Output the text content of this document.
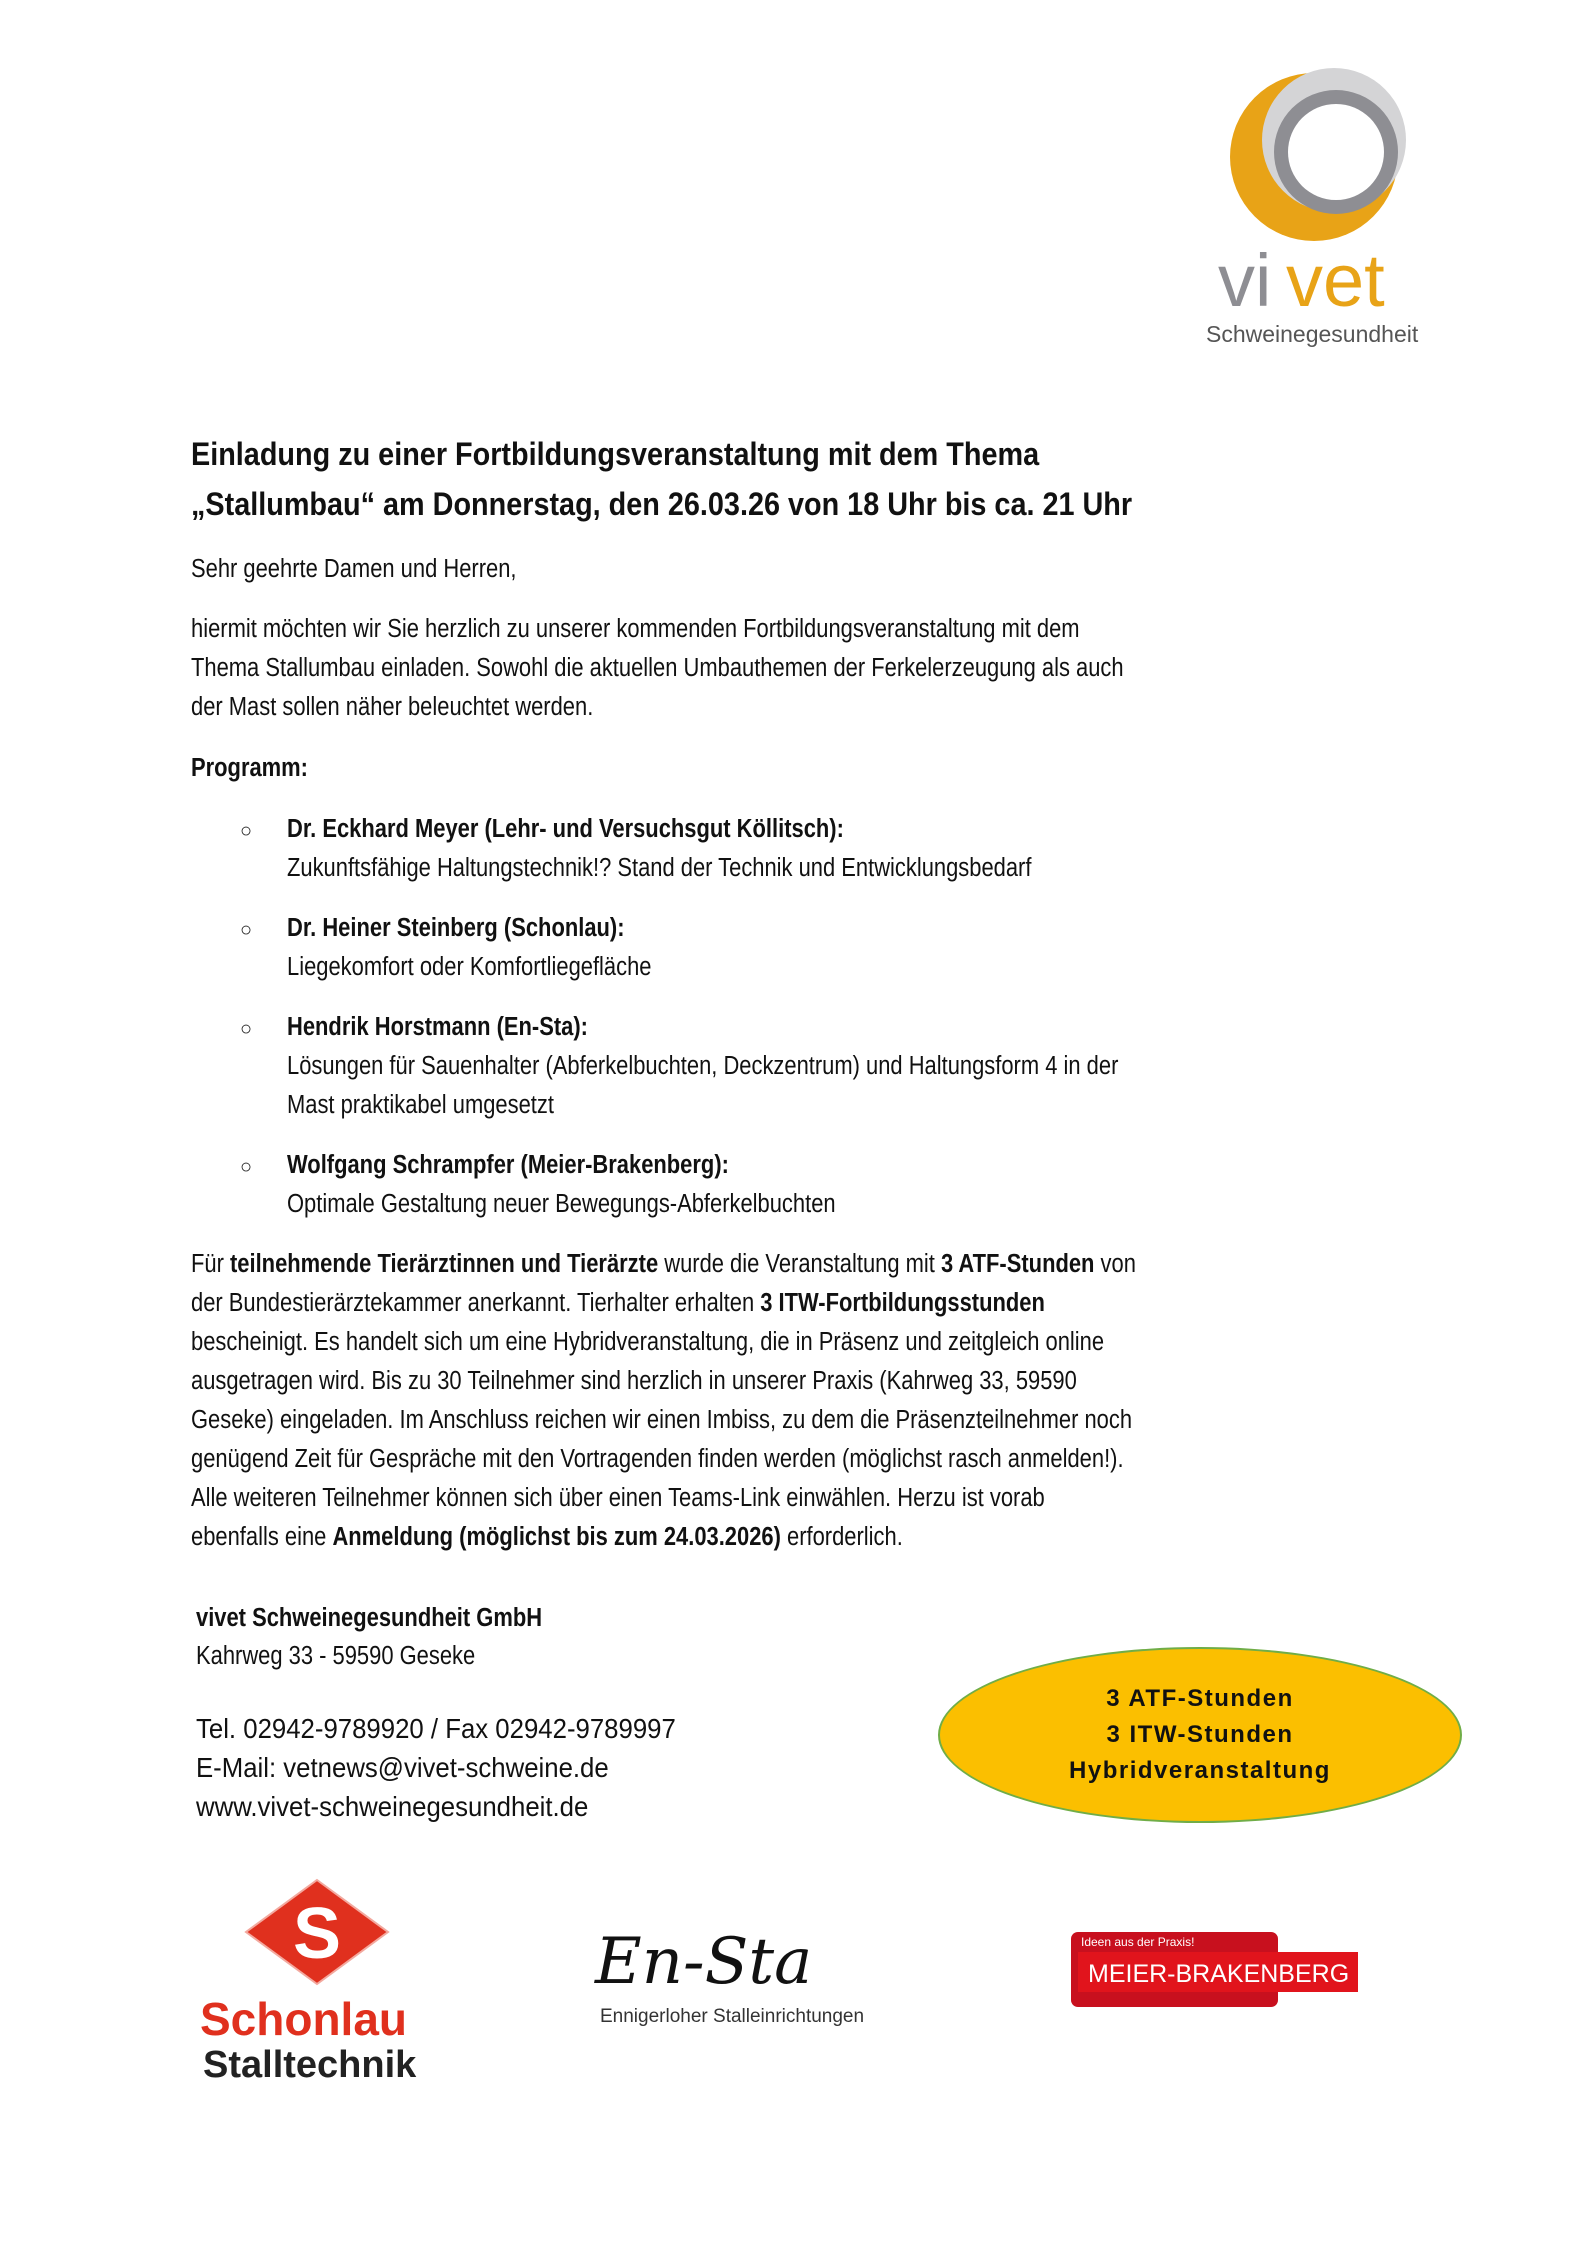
vi vet
Schweinegesundheit
Einladung zu einer Fortbildungsveranstaltung mit dem Thema
„Stallumbau“ am Donnerstag, den 26.03.26 von 18 Uhr bis ca. 21 Uhr
Sehr geehrte Damen und Herren,
hiermit möchten wir Sie herzlich zu unserer kommenden Fortbildungsveranstaltung mit dem
Thema Stallumbau einladen. Sowohl die aktuellen Umbauthemen der Ferkelerzeugung als auch
der Mast sollen näher beleuchtet werden.
Programm:
○ Dr. Eckhard Meyer (Lehr- und Versuchsgut Köllitsch):
Zukunftsfähige Haltungstechnik!? Stand der Technik und Entwicklungsbedarf
○ Dr. Heiner Steinberg (Schonlau):
Liegekomfort oder Komfortliegefläche
○ Hendrik Horstmann (En-Sta):
Lösungen für Sauenhalter (Abferkelbuchten, Deckzentrum) und Haltungsform 4 in der
Mast praktikabel umgesetzt
○ Wolfgang Schrampfer (Meier-Brakenberg):
Optimale Gestaltung neuer Bewegungs-Abferkelbuchten
Für teilnehmende Tierärztinnen und Tierärzte wurde die Veranstaltung mit 3 ATF-Stunden von
der Bundestierärztekammer anerkannt. Tierhalter erhalten 3 ITW-Fortbildungsstunden
bescheinigt. Es handelt sich um eine Hybridveranstaltung, die in Präsenz und zeitgleich online
ausgetragen wird. Bis zu 30 Teilnehmer sind herzlich in unserer Praxis (Kahrweg 33, 59590
Geseke) eingeladen. Im Anschluss reichen wir einen Imbiss, zu dem die Präsenzteilnehmer noch
genügend Zeit für Gespräche mit den Vortragenden finden werden (möglichst rasch anmelden!).
Alle weiteren Teilnehmer können sich über einen Teams-Link einwählen. Herzu ist vorab
ebenfalls eine Anmeldung (möglichst bis zum 24.03.2026) erforderlich.
vivet Schweinegesundheit GmbH
Kahrweg 33 - 59590 Geseke
Tel. 02942-9789920 / Fax 02942-9789997
E-Mail: vetnews@vivet-schweine.de
www.vivet-schweinegesundheit.de
3 ATF-Stunden
3 ITW-Stunden
Hybridveranstaltung
S
Schonlau
Stalltechnik
En-Sta
Ennigerloher Stalleinrichtungen
Ideen aus der Praxis!
MEIER-BRAKENBERG
